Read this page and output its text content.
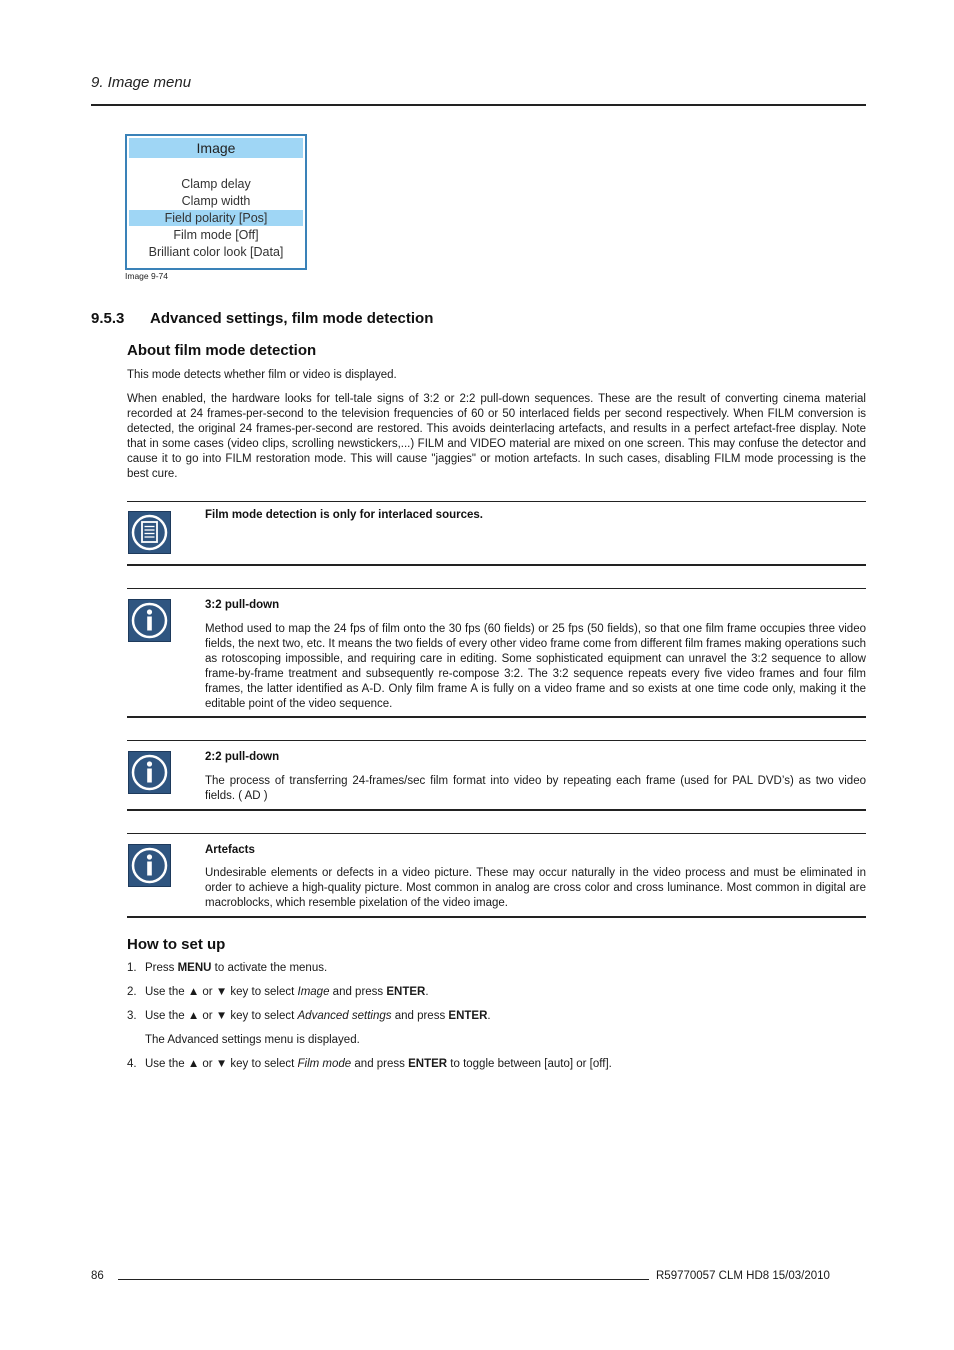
9. Image menu
Image
Clamp delay
Clamp width
Field polarity [Pos]
Film mode [Off]
Brilliant color look [Data]
Image 9-74
9.5.3 Advanced settings, film mode detection
About film mode detection

This mode detects whether film or video is displayed.

When enabled, the hardware looks for tell-tale signs of 3:2 or 2:2 pull-down sequences. These are the result of converting cinema material recorded at 24 frames-per-second to the television frequencies of 60 or 50 interlaced fields per second respectively. When FILM conversion is detected, the original 24 frames-per-second are restored. This avoids deinterlacing artefacts, and results in a perfect artefact-free display. Note that in some cases (video clips, scrolling newstickers,...) FILM and VIDEO material are mixed on one screen. This may confuse the detector and cause it to go into FILM restoration mode. This will cause "jaggies" or motion artefacts. In such cases, disabling FILM mode processing is the best cure.

Film mode detection is only for interlaced sources.
3:2 pull-down
Method used to map the 24 fps of film onto the 30 fps (60 fields) or 25 fps (50 fields), so that one film frame occupies three video fields, the next two, etc. It means the two fields of every other video frame come from different film frames making operations such as rotoscoping impossible, and requiring care in editing. Some sophisticated equipment can unravel the 3:2 sequence to allow frame-by-frame treatment and subsequently re-compose 3:2. The 3:2 sequence repeats every five video frames and four film frames, the latter identified as A-D. Only film frame A is fully on a video frame and so exists at one time code only, making it the editable point of the video sequence.
2:2 pull-down
The process of transferring 24-frames/sec film format into video by repeating each frame (used for PAL DVD’s) as two video fields. ( AD )
Artefacts
Undesirable elements or defects in a video picture. These may occur naturally in the video process and must be eliminated in order to achieve a high-quality picture. Most common in analog are cross color and cross luminance. Most common in digital are macroblocks, which resemble pixelation of the video image.
How to set up
1. Press MENU to activate the menus.
2. Use the ▲ or ▼ key to select Image and press ENTER.
3. Use the ▲ or ▼ key to select Advanced settings and press ENTER.
The Advanced settings menu is displayed.
4. Use the ▲ or ▼ key to select Film mode and press ENTER to toggle between [auto] or [off].
86	R59770057 CLM HD8 15/03/2010
